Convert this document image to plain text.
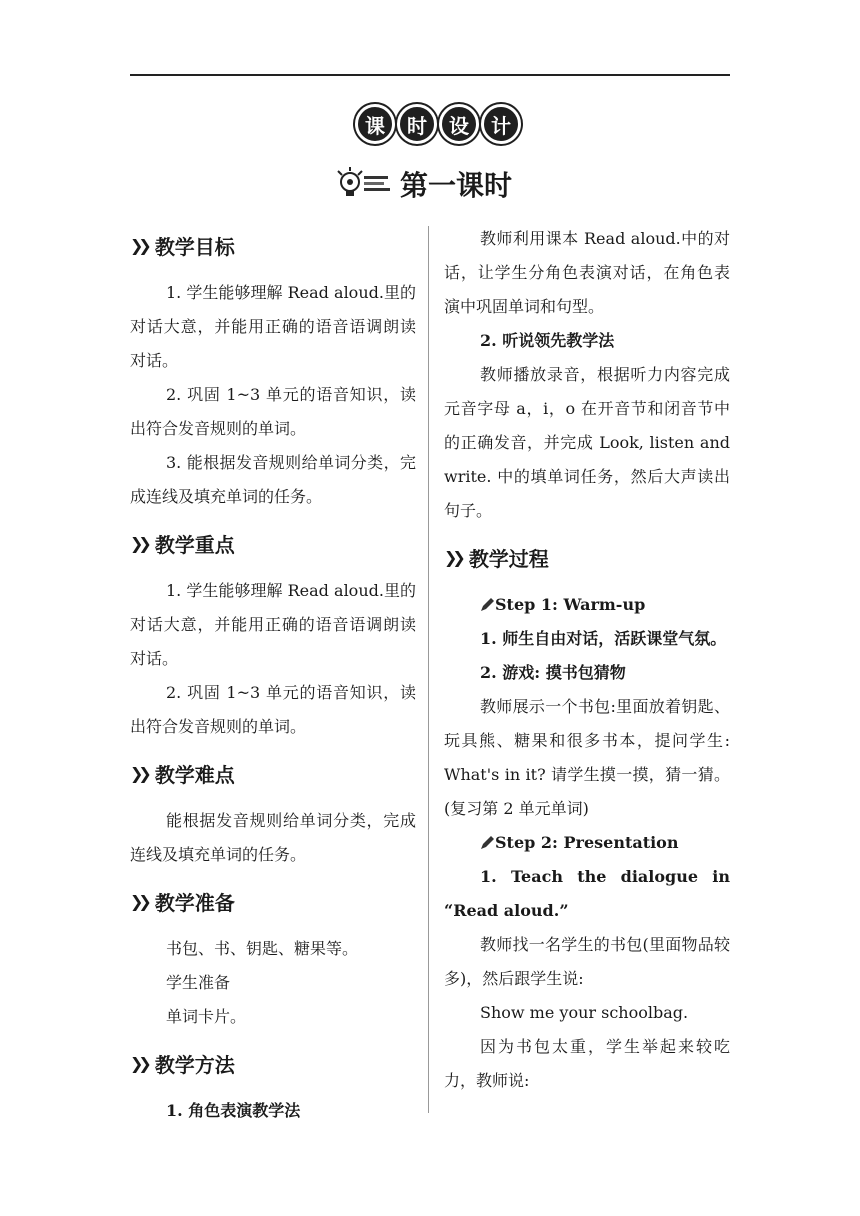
课	时	设	计
第一课时
❯❯ 教学目标

1. 学生能够理解 Read aloud.里的对话大意，并能用正确的语音语调朗读对话。

2. 巩固 1~3 单元的语音知识，读出符合发音规则的单词。

3. 能根据发音规则给单词分类，完成连线及填充单词的任务。

❯❯ 教学重点

1. 学生能够理解 Read aloud.里的对话大意，并能用正确的语音语调朗读对话。

2. 巩固 1~3 单元的语音知识，读出符合发音规则的单词。

❯❯ 教学难点

能根据发音规则给单词分类，完成连线及填充单词的任务。

❯❯ 教学准备

书包、书、钥匙、糖果等。

学生准备

单词卡片。

❯❯ 教学方法

1. 角色表演教学法

教师利用课本 Read aloud.中的对话，让学生分角色表演对话，在角色表演中巩固单词和句型。

2. 听说领先教学法

教师播放录音，根据听力内容完成元音字母 a，i，o 在开音节和闭音节中的正确发音，并完成 Look, listen and write. 中的填单词任务，然后大声读出句子。

❯❯ 教学过程

Step 1: Warm-up

1. 师生自由对话，活跃课堂气氛。

2. 游戏: 摸书包猜物

教师展示一个书包:里面放着钥匙、玩具熊、糖果和很多书本，提问学生: What's in it? 请学生摸一摸，猜一猜。(复习第 2 单元单词)

Step 2: Presentation

1. Teach the dialogue in “Read aloud.”

教师找一名学生的书包(里面物品较多)，然后跟学生说:

Show me your schoolbag.

因为书包太重，学生举起来较吃力，教师说:
